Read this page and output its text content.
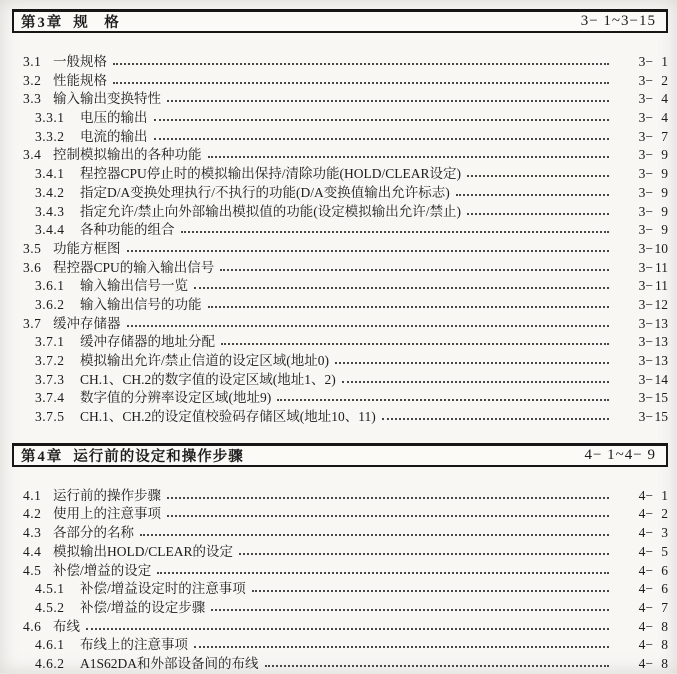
第3章 规　格	3− 1~3−15
3.1 一般规格	3− 1
3.2 性能规格	3− 2
3.3 输入输出变换特性	3− 4
3.3.1	电压的输出	3− 4
3.3.2	电流的输出	3− 7
3.4 控制模拟输出的各种功能	3− 9
3.4.1	程控器CPU停止时的模拟输出保持/清除功能(HOLD/CLEAR设定)	3− 9
3.4.2	指定D/A变换处理执行/不执行的功能(D/A变换值输出允许标志)	3− 9
3.4.3	指定允许/禁止向外部输出模拟值的功能(设定模拟输出允许/禁止)	3− 9
3.4.4	各种功能的组合	3− 9
3.5 功能方框图	3− 10
3.6 程控器CPU的输入输出信号	3− 11
3.6.1	输入输出信号一览	3− 11
3.6.2	输入输出信号的功能	3− 12
3.7 缓冲存储器	3− 13
3.7.1	缓冲存储器的地址分配	3− 13
3.7.2	模拟输出允许/禁止信道的设定区域(地址0)	3− 13
3.7.3	CH.1、CH.2的数字值的设定区域(地址1、2)	3− 14
3.7.4	数字值的分辨率设定区域(地址9)	3− 15
3.7.5	CH.1、CH.2的设定值校验码存储区域(地址10、11)	3− 15
第4章 运行前的设定和操作步骤	4− 1~4− 9
4.1 运行前的操作步骤	4− 1
4.2 使用上的注意事项	4− 2
4.3 各部分的名称	4− 3
4.4 模拟输出HOLD/CLEAR的设定	4− 5
4.5 补偿/增益的设定	4− 6
4.5.1	补偿/增益设定时的注意事项	4− 6
4.5.2	补偿/增益的设定步骤	4− 7
4.6 布线	4− 8
4.6.1	布线上的注意事项	4− 8
4.6.2	A1S62DA和外部设备间的布线	4− 8
